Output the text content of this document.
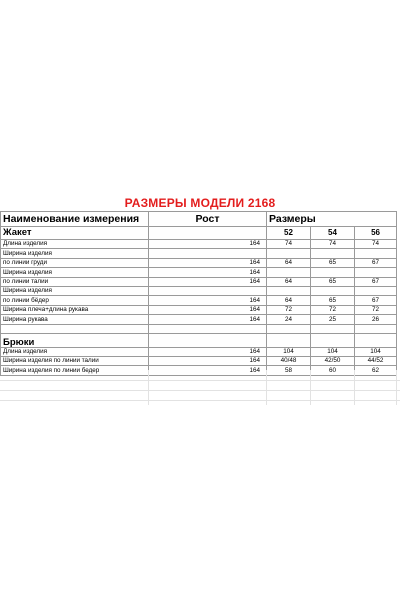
РАЗМЕРЫ МОДЕЛИ 2168
Наименование измерения	Рост	Размеры		
Жакет		52	54	56
Длина изделия	164	74	74	74
Ширина изделия				
по линии груди	164	64	65	67
Ширина изделия	164			
по линии талии	164	64	65	67
Ширина изделия				
по линии бёдер	164	64	65	67
Ширина плеча+длина рукава	164	72	72	72
Ширина рукава	164	24	25	26

Брюки				
Длина изделия	164	104	104	104
Ширина изделия по линии талии	164	40/48	42/50	44/52
Ширина изделия по линии бедер	164	58	60	62
